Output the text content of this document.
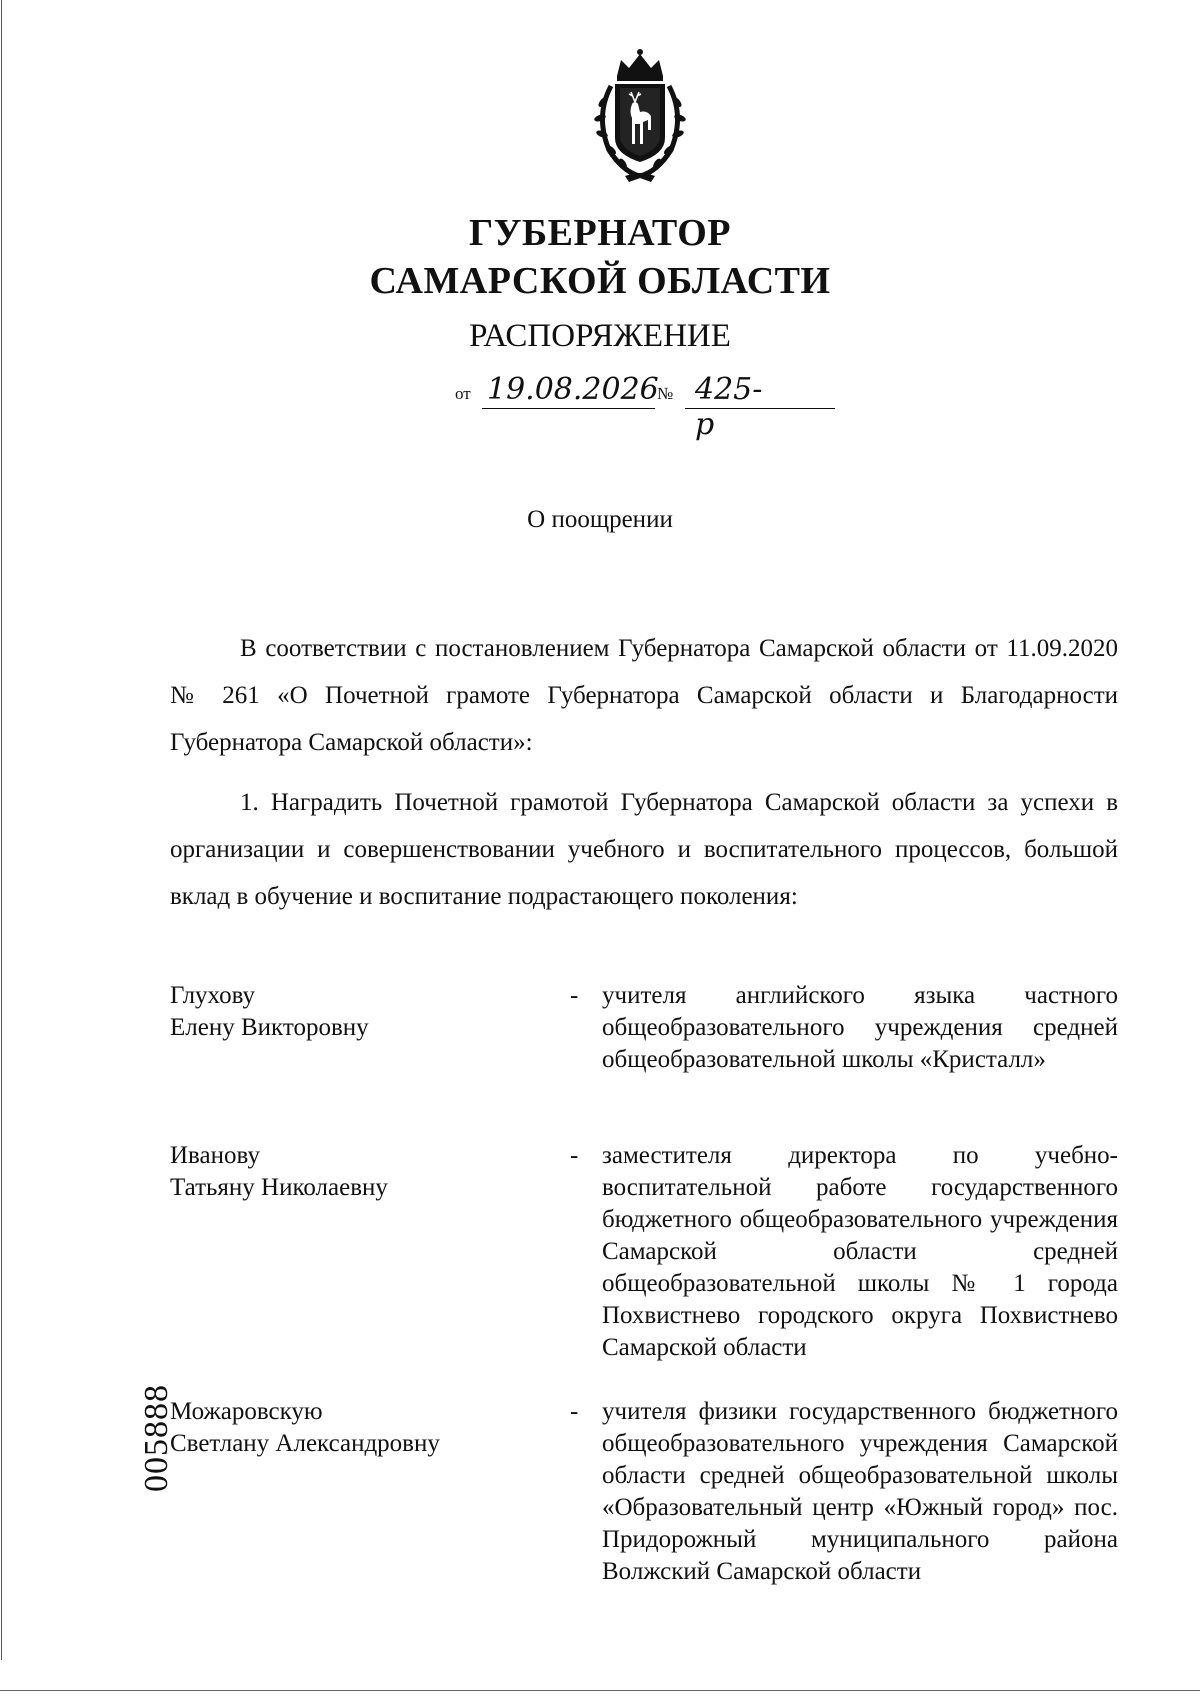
005888
ГУБЕРНАТОР
САМАРСКОЙ ОБЛАСТИ
РАСПОРЯЖЕНИЕ
от 19.08.2026
№ 425-р
О поощрении
В соответствии с постановлением Губернатора Самарской области от 11.09.2020 № 261 «О Почетной грамоте Губернатора Самарской области и Благодарности Губернатора Самарской области»:
1. Наградить Почетной грамотой Губернатора Самарской области за успехи в организации и совершенствовании учебного и воспитательного процессов, большой вклад в обучение и воспитание подрастающего поколения:
Глухову
Елену Викторовну
- учителя английского языка частного общеобразовательного учреждения средней общеобразовательной школы «Кристалл»
Иванову
Татьяну Николаевну
- заместителя директора по учебно-воспитательной работе государственного бюджетного общеобразовательного учреждения Самарской области средней общеобразовательной школы № 1 города Похвистнево городского округа Похвистнево Самарской области
Можаровскую
Светлану Александровну
- учителя физики государственного бюджетного общеобразовательного учреждения Самарской области средней общеобразовательной школы «Образовательный центр «Южный город» пос. Придорожный муниципального района Волжский Самарской области
